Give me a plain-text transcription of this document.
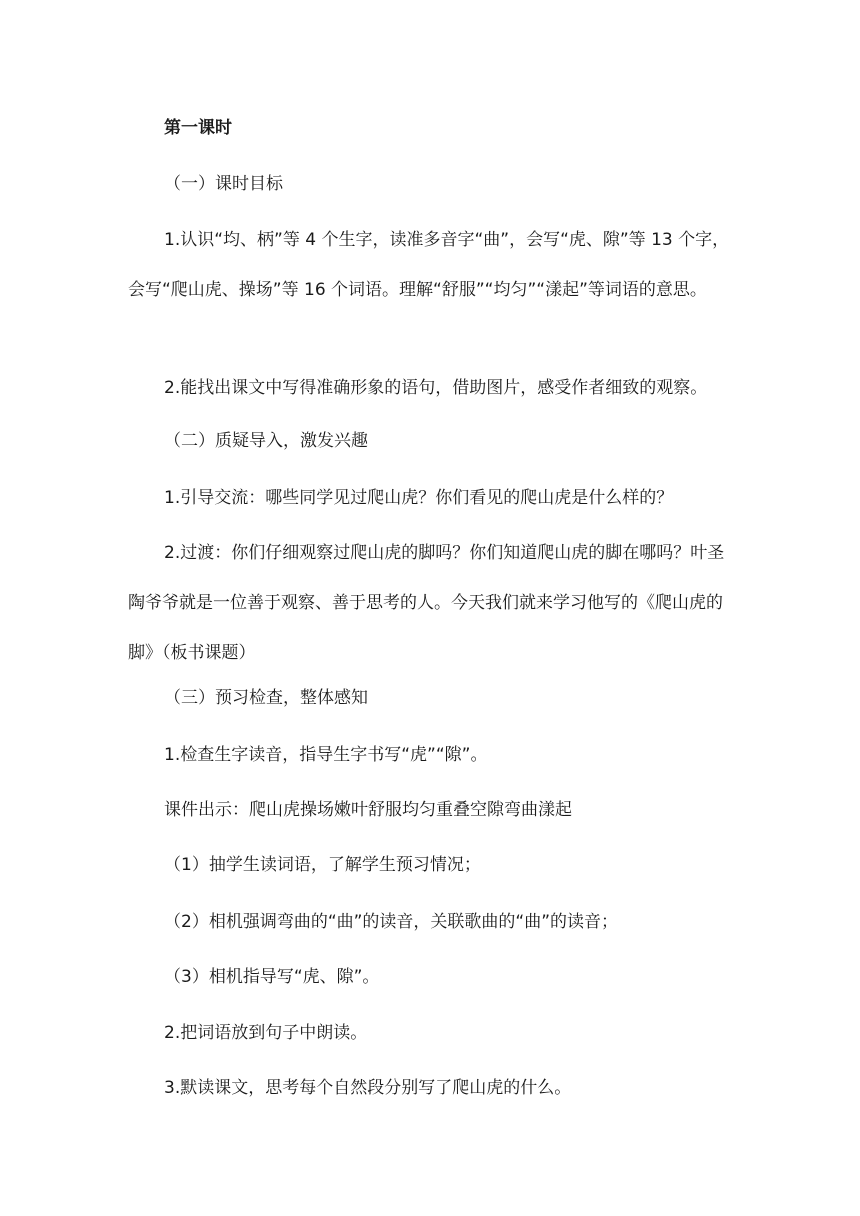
第一课时

（一）课时目标

1.认识“均、柄”等 4 个生字，读准多音字“曲”，会写“虎、隙”等 13 个字，会写“爬山虎、操场”等 16 个词语。理解“舒服”“均匀”“漾起”等词语的意思。

2.能找出课文中写得准确形象的语句，借助图片，感受作者细致的观察。

（二）质疑导入，激发兴趣

1.引导交流：哪些同学见过爬山虎？你们看见的爬山虎是什么样的？

2.过渡：你们仔细观察过爬山虎的脚吗？你们知道爬山虎的脚在哪吗？叶圣陶爷爷就是一位善于观察、善于思考的人。今天我们就来学习他写的《爬山虎的脚》（板书课题）

（三）预习检查，整体感知

1.检查生字读音，指导生字书写“虎”“隙”。

课件出示：爬山虎操场嫩叶舒服均匀重叠空隙弯曲漾起

（1）抽学生读词语，了解学生预习情况；

（2）相机强调弯曲的“曲”的读音，关联歌曲的“曲”的读音；

（3）相机指导写“虎、隙”。

2.把词语放到句子中朗读。

3.默读课文，思考每个自然段分别写了爬山虎的什么。
